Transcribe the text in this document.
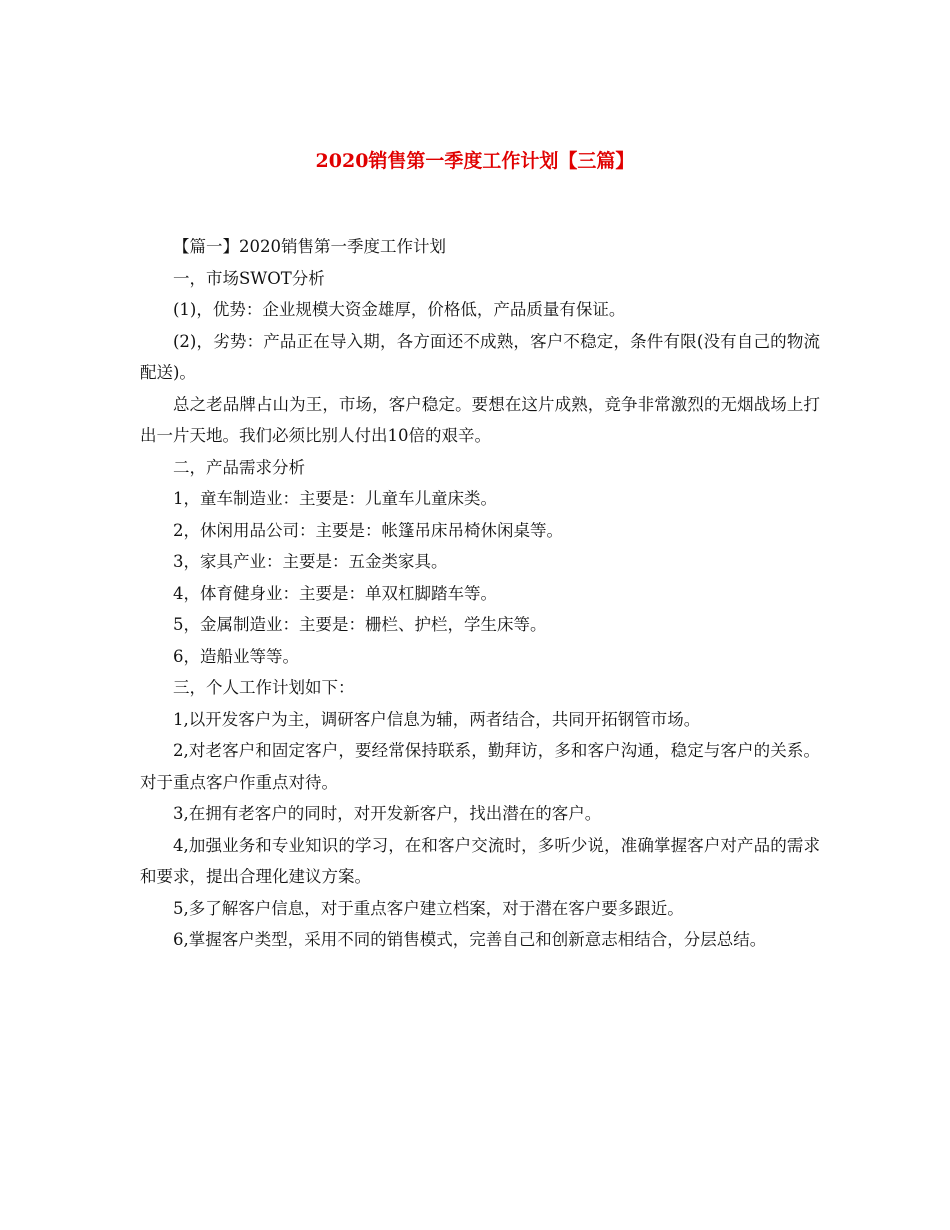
2020销售第一季度工作计划【三篇】

【篇一】2020销售第一季度工作计划

一，市场SWOT分析

(1)，优势：企业规模大资金雄厚，价格低，产品质量有保证。

(2)，劣势：产品正在导入期，各方面还不成熟，客户不稳定，条件有限(没有自己的物流配送)。

总之老品牌占山为王，市场，客户稳定。要想在这片成熟，竞争非常激烈的无烟战场上打出一片天地。我们必须比别人付出10倍的艰辛。

二，产品需求分析

1，童车制造业：主要是：儿童车儿童床类。

2，休闲用品公司：主要是：帐篷吊床吊椅休闲桌等。

3，家具产业：主要是：五金类家具。

4，体育健身业：主要是：单双杠脚踏车等。

5，金属制造业：主要是：栅栏、护栏，学生床等。

6，造船业等等。

三，个人工作计划如下：

1,以开发客户为主，调研客户信息为辅，两者结合，共同开拓钢管市场。

2,对老客户和固定客户，要经常保持联系，勤拜访，多和客户沟通，稳定与客户的关系。对于重点客户作重点对待。

3,在拥有老客户的同时，对开发新客户，找出潜在的客户。

4,加强业务和专业知识的学习，在和客户交流时，多听少说，准确掌握客户对产品的需求和要求，提出合理化建议方案。

5,多了解客户信息，对于重点客户建立档案，对于潜在客户要多跟近。

6,掌握客户类型，采用不同的销售模式，完善自己和创新意志相结合，分层总结。
